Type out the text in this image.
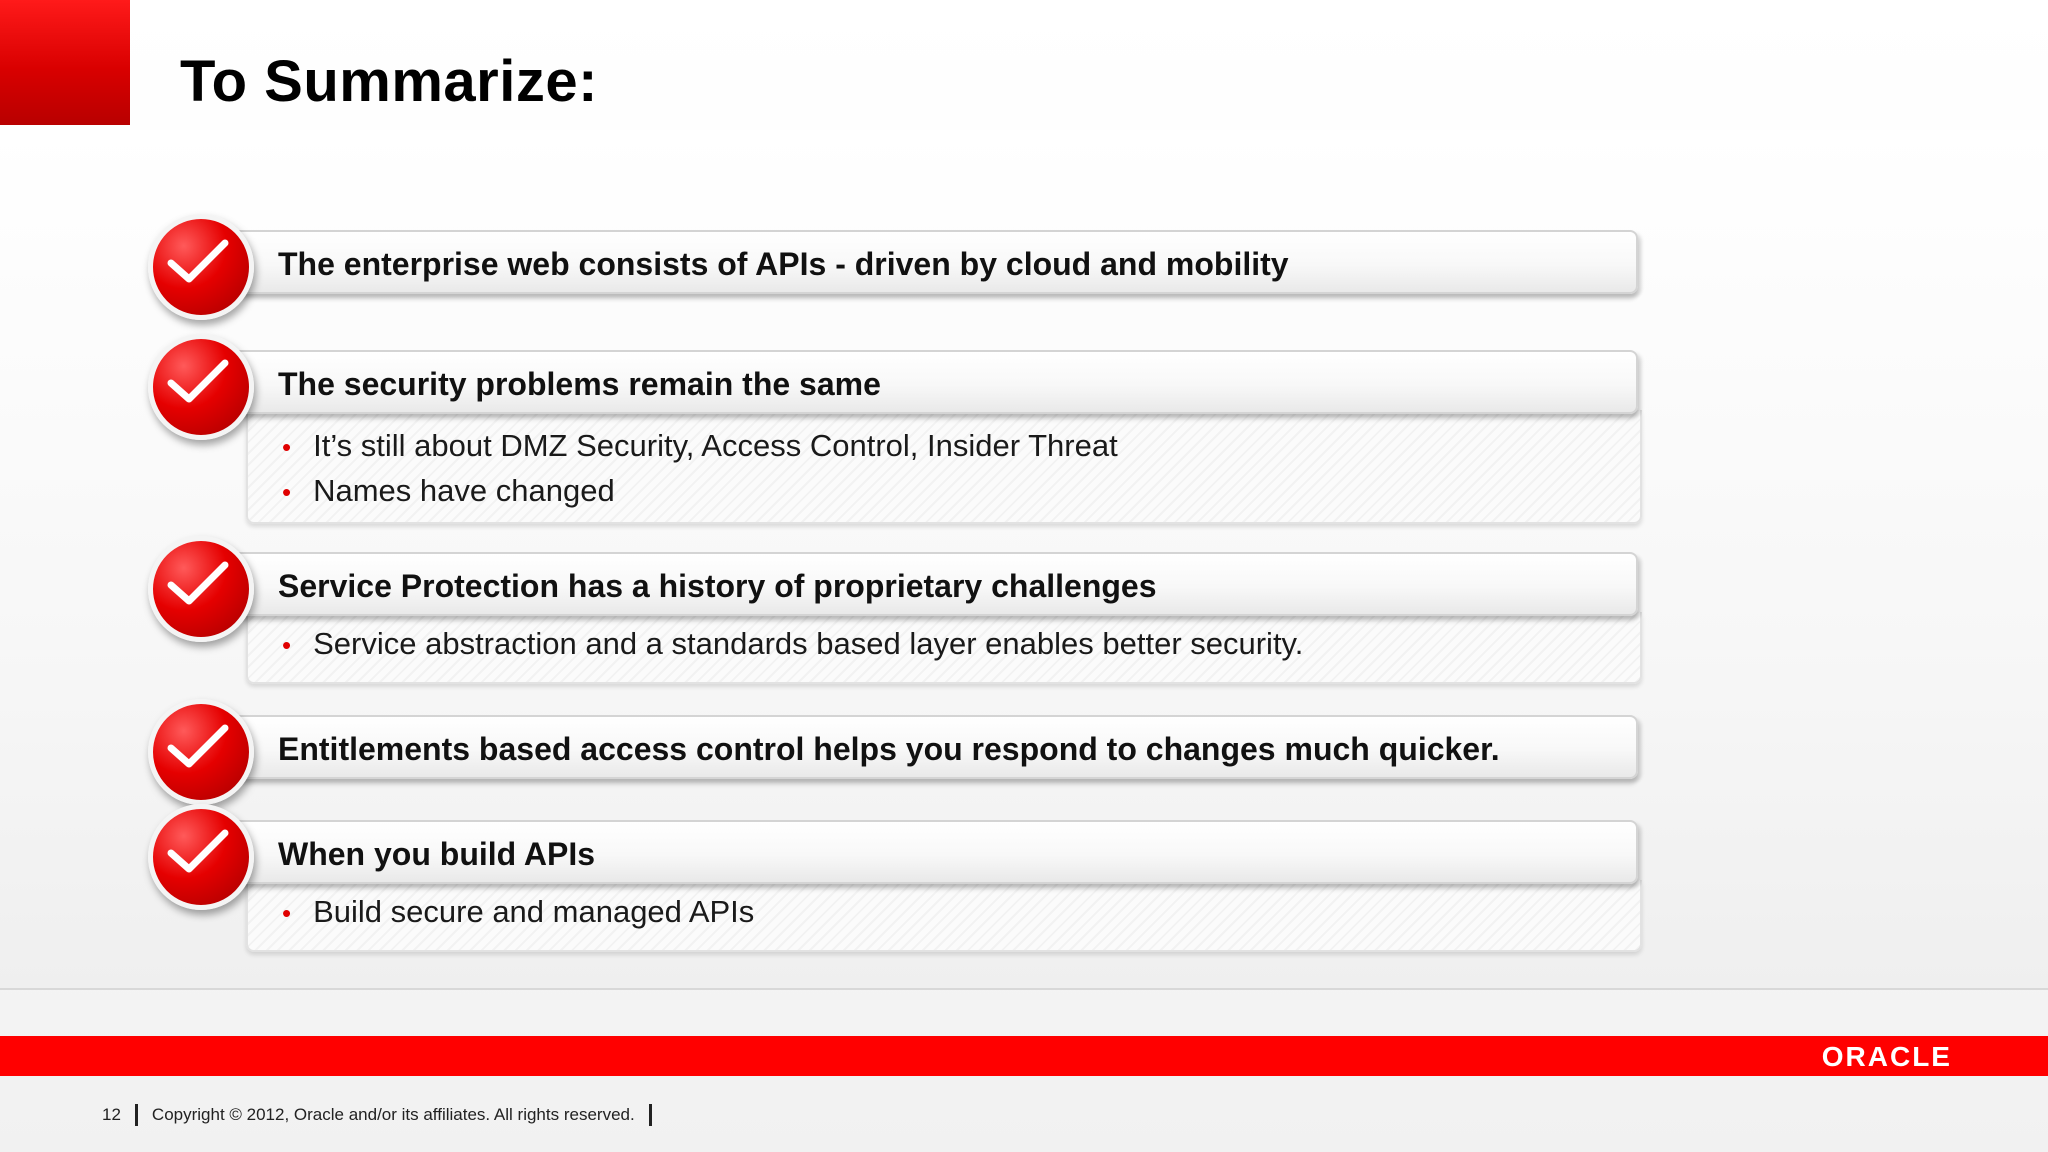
To Summarize:
The enterprise web consists of APIs - driven by cloud and mobility
• It’s still about DMZ Security, Access Control, Insider Threat
• Names have changed
The security problems remain the same
• Service abstraction and a standards based layer enables better security.
Service Protection has a history of proprietary challenges
Entitlements based access control helps you respond to changes much quicker.
• Build secure and managed APIs
When you build APIs
ORACLE
12 Copyright © 2012, Oracle and/or its affiliates. All rights reserved.
